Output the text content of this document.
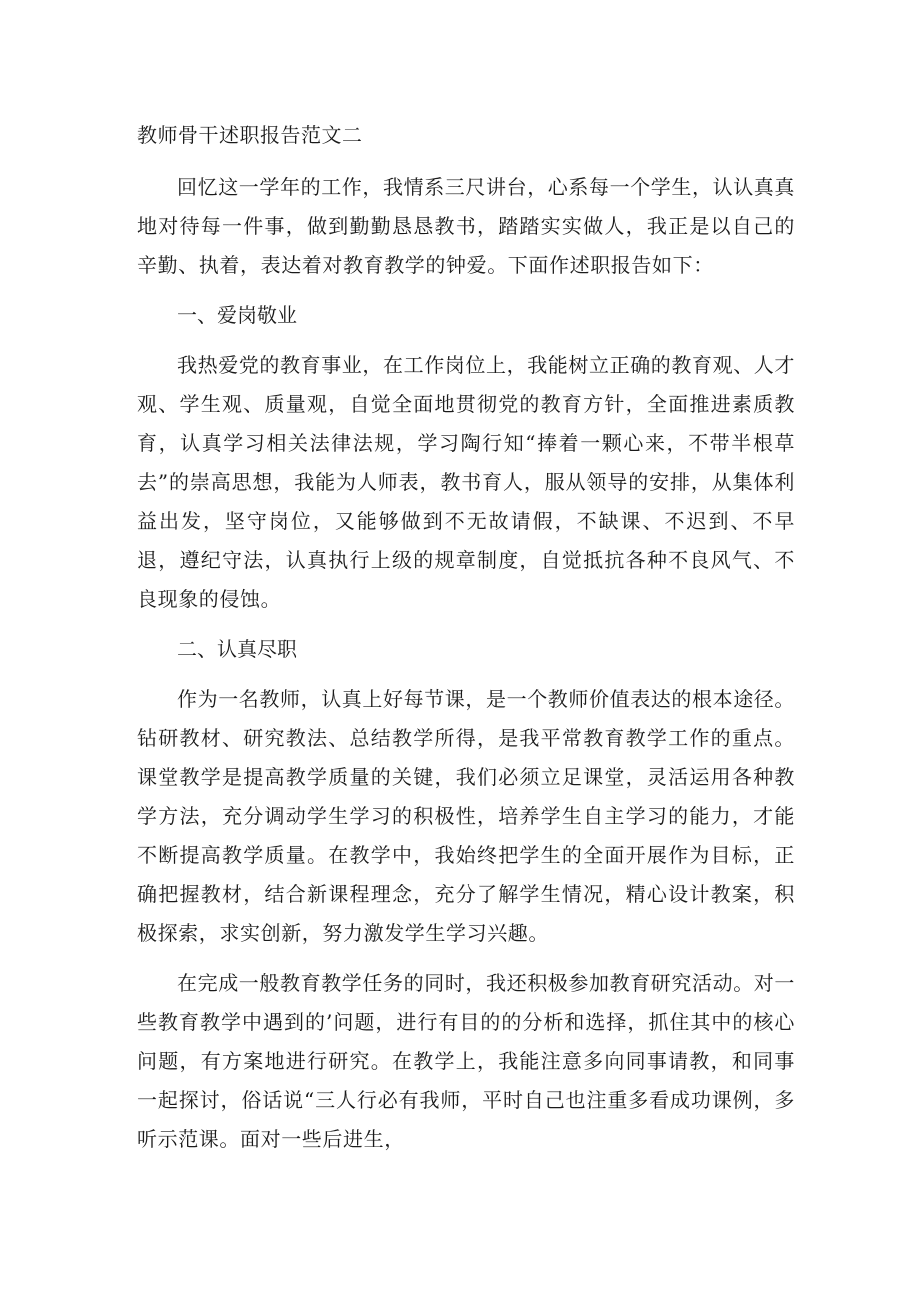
教师骨干述职报告范文二

回忆这一学年的工作，我情系三尺讲台，心系每一个学生，认认真真地对待每一件事，做到勤勤恳恳教书，踏踏实实做人，我正是以自己的辛勤、执着，表达着对教育教学的钟爱。下面作述职报告如下：

一、爱岗敬业

我热爱党的教育事业，在工作岗位上，我能树立正确的教育观、人才观、学生观、质量观，自觉全面地贯彻党的教育方针，全面推进素质教育，认真学习相关法律法规，学习陶行知“捧着一颗心来，不带半根草去”的崇高思想，我能为人师表，教书育人，服从领导的安排，从集体利益出发，坚守岗位，又能够做到不无故请假，不缺课、不迟到、不早退，遵纪守法，认真执行上级的规章制度，自觉抵抗各种不良风气、不良现象的侵蚀。

二、认真尽职

作为一名教师，认真上好每节课，是一个教师价值表达的根本途径。钻研教材、研究教法、总结教学所得，是我平常教育教学工作的重点。课堂教学是提高教学质量的关键，我们必须立足课堂，灵活运用各种教学方法，充分调动学生学习的积极性，培养学生自主学习的能力，才能不断提高教学质量。在教学中，我始终把学生的全面开展作为目标，正确把握教材，结合新课程理念，充分了解学生情况，精心设计教案，积极探索，求实创新，努力激发学生学习兴趣。

在完成一般教育教学任务的同时，我还积极参加教育研究活动。对一些教育教学中遇到的’问题，进行有目的的分析和选择，抓住其中的核心问题，有方案地进行研究。在教学上，我能注意多向同事请教，和同事一起探讨，俗话说“三人行必有我师，平时自己也注重多看成功课例，多听示范课。面对一些后进生，
